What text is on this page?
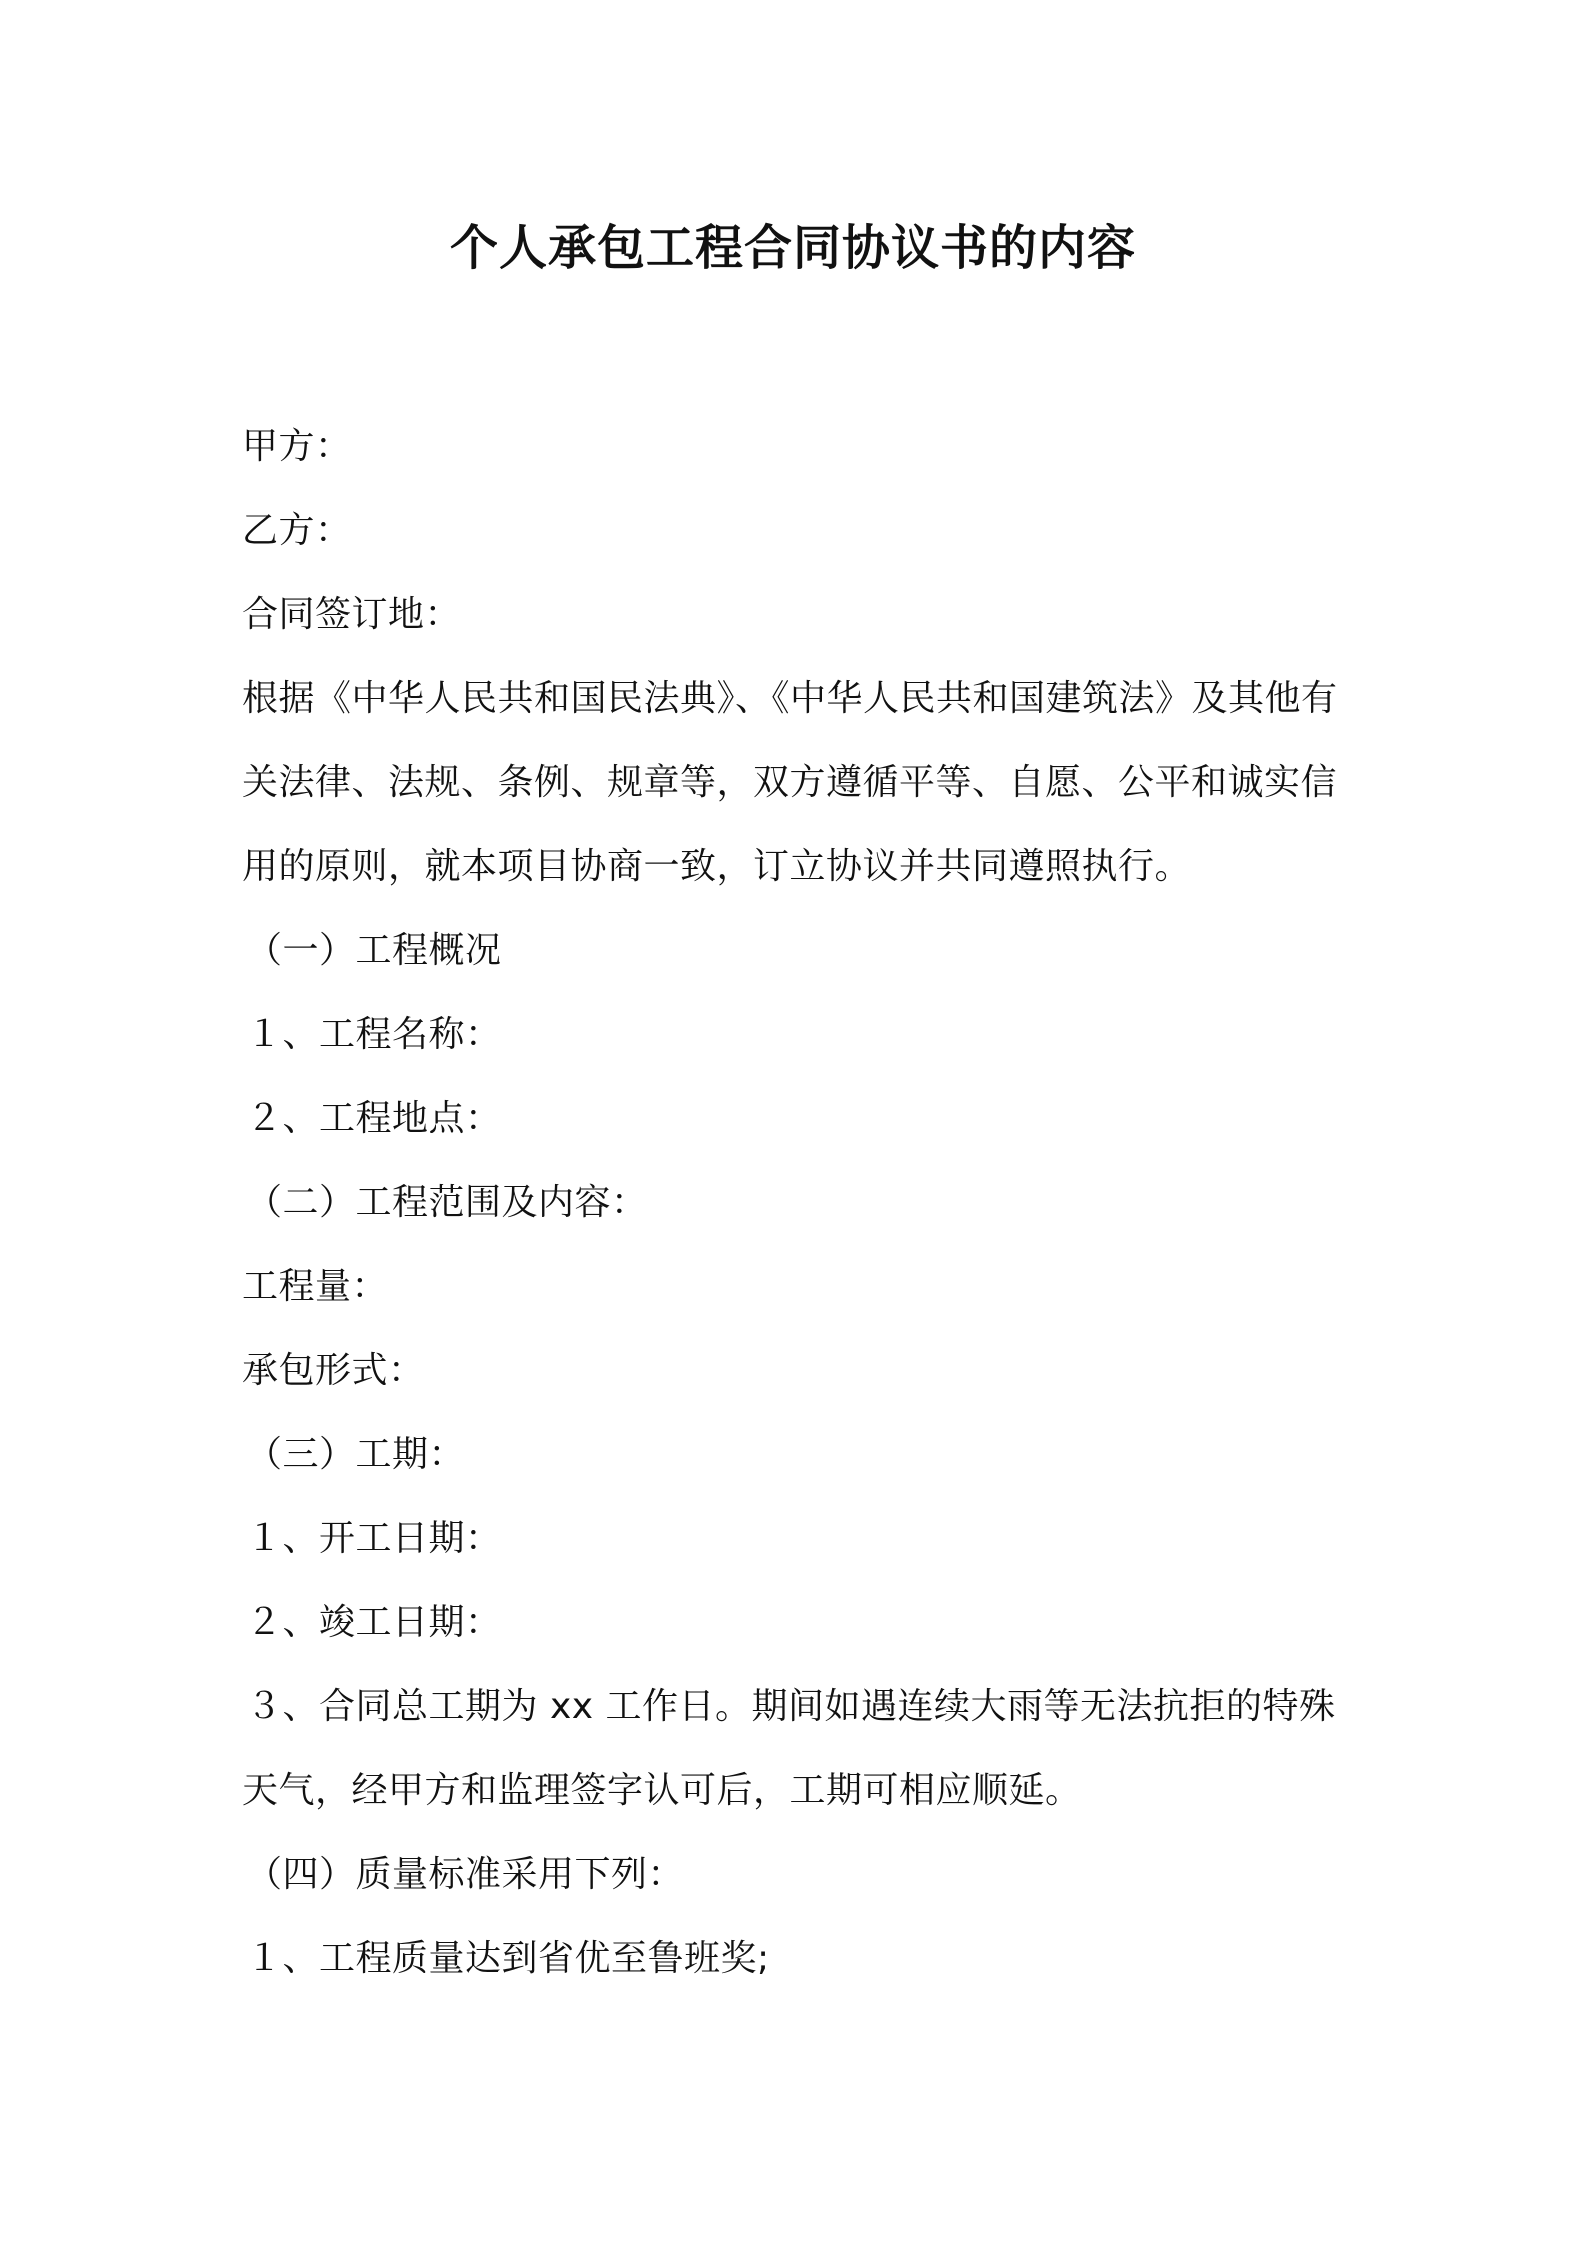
个人承包工程合同协议书的内容
甲方：
乙方：
合同签订地：
根据《中华人民共和国民法典》、《中华人民共和国建筑法》及其他有
关法律、法规、条例、规章等，双方遵循平等、自愿、公平和诚实信
用的原则，就本项目协商一致，订立协议并共同遵照执行。
（一）工程概况
１、工程名称：
２、工程地点：
（二）工程范围及内容：
工程量：
承包形式：
（三）工期：
１、开工日期：
２、竣工日期：
３、合同总工期为 xx 工作日。期间如遇连续大雨等无法抗拒的特殊
天气，经甲方和监理签字认可后，工期可相应顺延。
（四）质量标准采用下列：
１、工程质量达到省优至鲁班奖;
